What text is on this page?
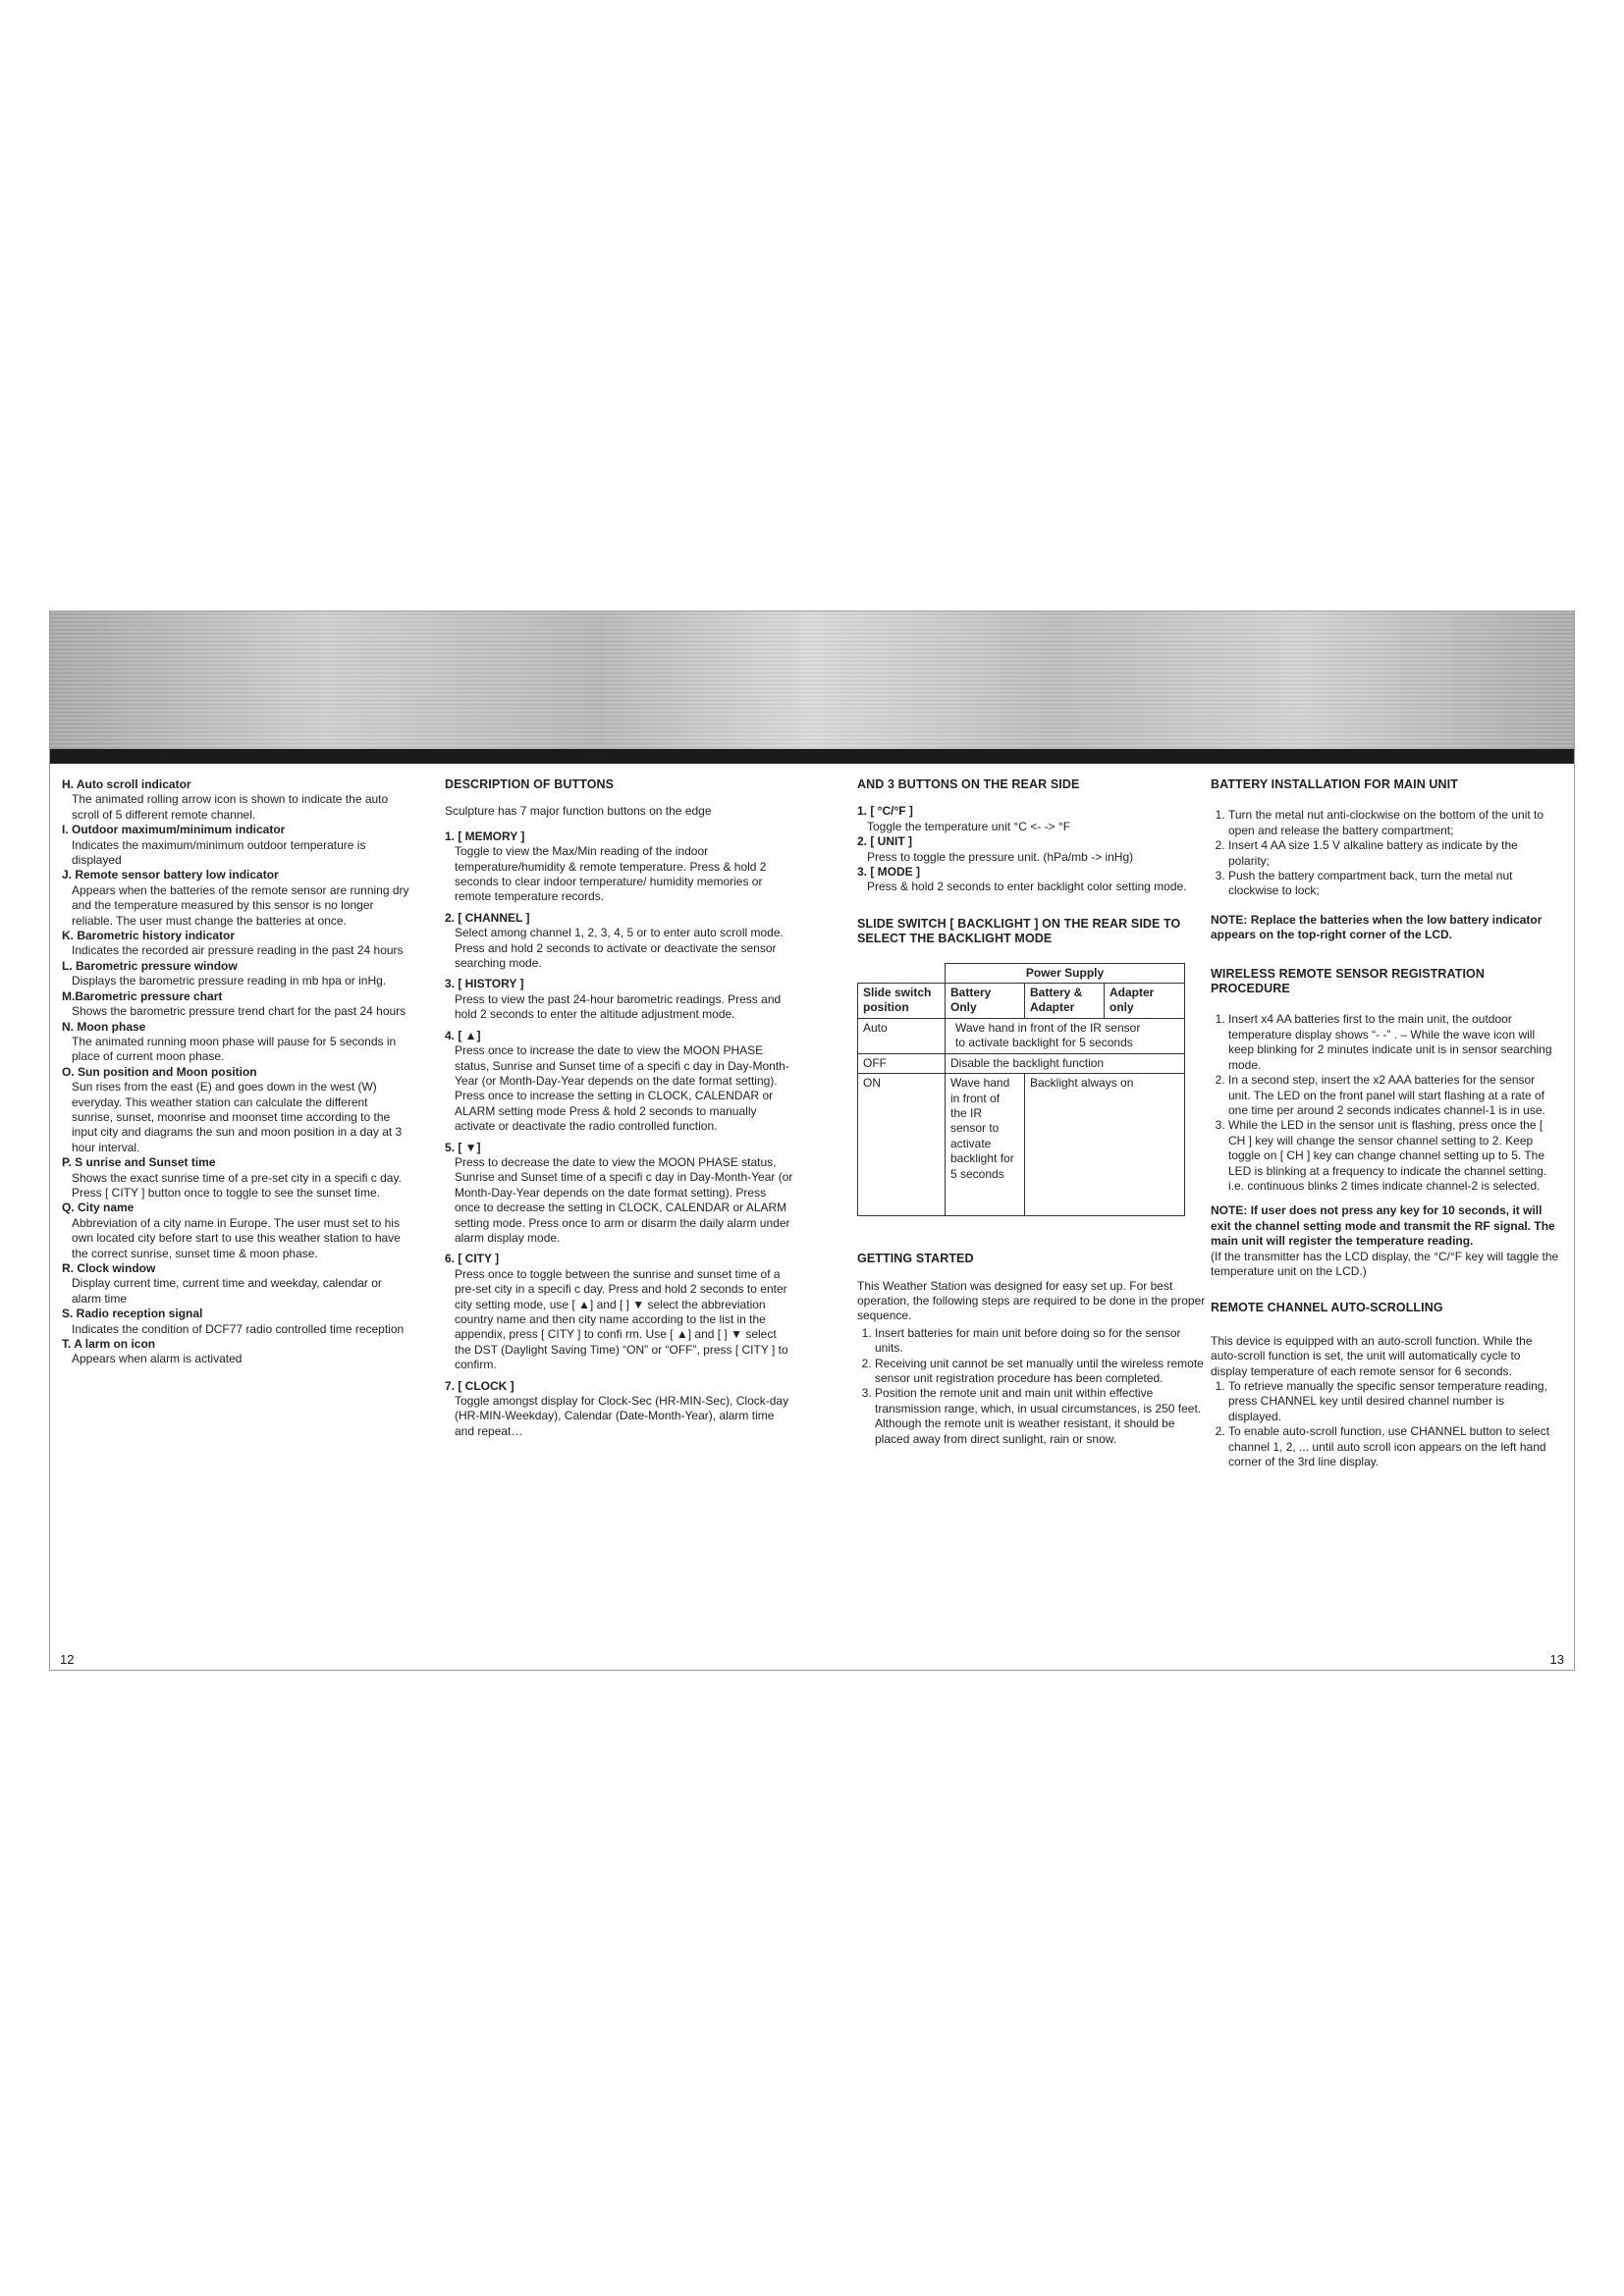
H. Auto scroll indicator
The animated rolling arrow icon is shown to indicate the auto scroll of 5 different remote channel.
I. Outdoor maximum/minimum indicator
Indicates the maximum/minimum outdoor temperature is displayed
J. Remote sensor battery low indicator
Appears when the batteries of the remote sensor are running dry and the temperature measured by this sensor is no longer reliable. The user must change the batteries at once.
K. Barometric history indicator
Indicates the recorded air pressure reading in the past 24 hours
L. Barometric pressure window
Displays the barometric pressure reading in mb hpa or inHg.
M.Barometric pressure chart
Shows the barometric pressure trend chart for the past 24 hours
N. Moon phase
The animated running moon phase will pause for 5 seconds in place of current moon phase.
O. Sun position and Moon position
Sun rises from the east (E) and goes down in the west (W) everyday. This weather station can calculate the different sunrise, sunset, moonrise and moonset time according to the input city and diagrams the sun and moon position in a day at 3 hour interval.
P. S unrise and Sunset time
Shows the exact sunrise time of a pre-set city in a specifi c day. Press [ CITY ] button once to toggle to see the sunset time.
Q. City name
Abbreviation of a city name in Europe. The user must set to his own located city before start to use this weather station to have the correct sunrise, sunset time & moon phase.
R. Clock window
Display current time, current time and weekday, calendar or alarm time
S. Radio reception signal
Indicates the condition of DCF77 radio controlled time reception
T. A larm on icon
Appears when alarm is activated
DESCRIPTION OF BUTTONS
Sculpture has 7 major function buttons on the edge
1. [ MEMORY ]
Toggle to view the Max/Min reading of the indoor temperature/humidity & remote temperature. Press & hold 2 seconds to clear indoor temperature/ humidity memories or remote temperature records.
2. [ CHANNEL ]
Select among channel 1, 2, 3, 4, 5 or to enter auto scroll mode. Press and hold 2 seconds to activate or deactivate the sensor searching mode.
3. [ HISTORY ]
Press to view the past 24-hour barometric readings. Press and hold 2 seconds to enter the altitude adjustment mode.
4. [ ▲]
Press once to increase the date to view the MOON PHASE status, Sunrise and Sunset time of a specifi c day in Day-Month-Year (or Month-Day-Year depends on the date format setting). Press once to increase the setting in CLOCK, CALENDAR or ALARM setting mode Press & hold 2 seconds to manually activate or deactivate the radio controlled function.
5. [ ▼]
Press to decrease the date to view the MOON PHASE status, Sunrise and Sunset time of a specifi c day in Day-Month-Year (or Month-Day-Year depends on the date format setting). Press once to decrease the setting in CLOCK, CALENDAR or ALARM setting mode. Press once to arm or disarm the daily alarm under alarm display mode.
6. [ CITY ]
Press once to toggle between the sunrise and sunset time of a pre-set city in a specifi c day. Press and hold 2 seconds to enter city setting mode, use [ ▲] and [ ] ▼ select the abbreviation country name and then city name according to the list in the appendix, press [ CITY ] to confi rm. Use [ ▲] and [ ] ▼ select the DST (Daylight Saving Time) “ON” or “OFF”, press [ CITY ] to confirm.
7. [ CLOCK ]
Toggle amongst display for Clock-Sec (HR-MIN-Sec), Clock-day (HR-MIN-Weekday), Calendar (Date-Month-Year), alarm time and repeat…
AND 3 BUTTONS ON THE REAR SIDE
1. [ °C/°F ]
Toggle the temperature unit °C <- -> °F
2. [ UNIT ]
Press to toggle the pressure unit. (hPa/mb -> inHg)
3. [ MODE ]
Press & hold 2 seconds to enter backlight color setting mode.
SLIDE SWITCH [ BACKLIGHT ] ON THE REAR SIDE TO
SELECT THE BACKLIGHT MODE
	Power Supply		
Slide switch position	Battery Only	Battery & Adapter	Adapter only
Auto	Wave hand in front of the IR sensor to activate backlight for 5 seconds		
OFF	Disable the backlight function		
ON	Wave hand in front of the IR sensor to activate backlight for 5 seconds	Backlight always on	
GETTING STARTED
This Weather Station was designed for easy set up. For best operation, the following steps are required to be done in the proper sequence.
1. Insert batteries for main unit before doing so for the sensor units.
2. Receiving unit cannot be set manually until the wireless remote sensor unit registration procedure has been completed.
3. Position the remote unit and main unit within effective transmission range, which, in usual circumstances, is 250 feet. Although the remote unit is weather resistant, it should be placed away from direct sunlight, rain or snow.
BATTERY INSTALLATION FOR MAIN UNIT
1. Turn the metal nut anti-clockwise on the bottom of the unit to open and release the battery compartment;
2. Insert 4 AA size 1.5 V alkaline battery as indicate by the polarity;
3. Push the battery compartment back, turn the metal nut clockwise to lock;
NOTE: Replace the batteries when the low battery indicator appears on the top-right corner of the LCD.
WIRELESS REMOTE SENSOR REGISTRATION PROCEDURE
1. Insert x4 AA batteries first to the main unit, the outdoor temperature display shows “- -” . – While the wave icon will keep blinking for 2 minutes indicate unit is in sensor searching mode.
2. In a second step, insert the x2 AAA batteries for the sensor unit. The LED on the front panel will start flashing at a rate of one time per around 2 seconds indicates channel-1 is in use.
3. While the LED in the sensor unit is flashing, press once the [ CH ] key will change the sensor channel setting to 2. Keep toggle on [ CH ] key can change channel setting up to 5. The LED is blinking at a frequency to indicate the channel setting. i.e. continuous blinks 2 times indicate channel-2 is selected.
NOTE: If user does not press any key for 10 seconds, it will exit the channel setting mode and transmit the RF signal. The main unit will register the temperature reading.
(If the transmitter has the LCD display, the °C/°F key will taggle the temperature unit on the LCD.)
REMOTE CHANNEL AUTO-SCROLLING
This device is equipped with an auto-scroll function. While the auto-scroll function is set, the unit will automatically cycle to display temperature of each remote sensor for 6 seconds.
1. To retrieve manually the specific sensor temperature reading, press CHANNEL key until desired channel number is displayed.
2. To enable auto-scroll function, use CHANNEL button to select channel 1, 2, ... until auto scroll icon appears on the left hand corner of the 3rd line display.
12	13
